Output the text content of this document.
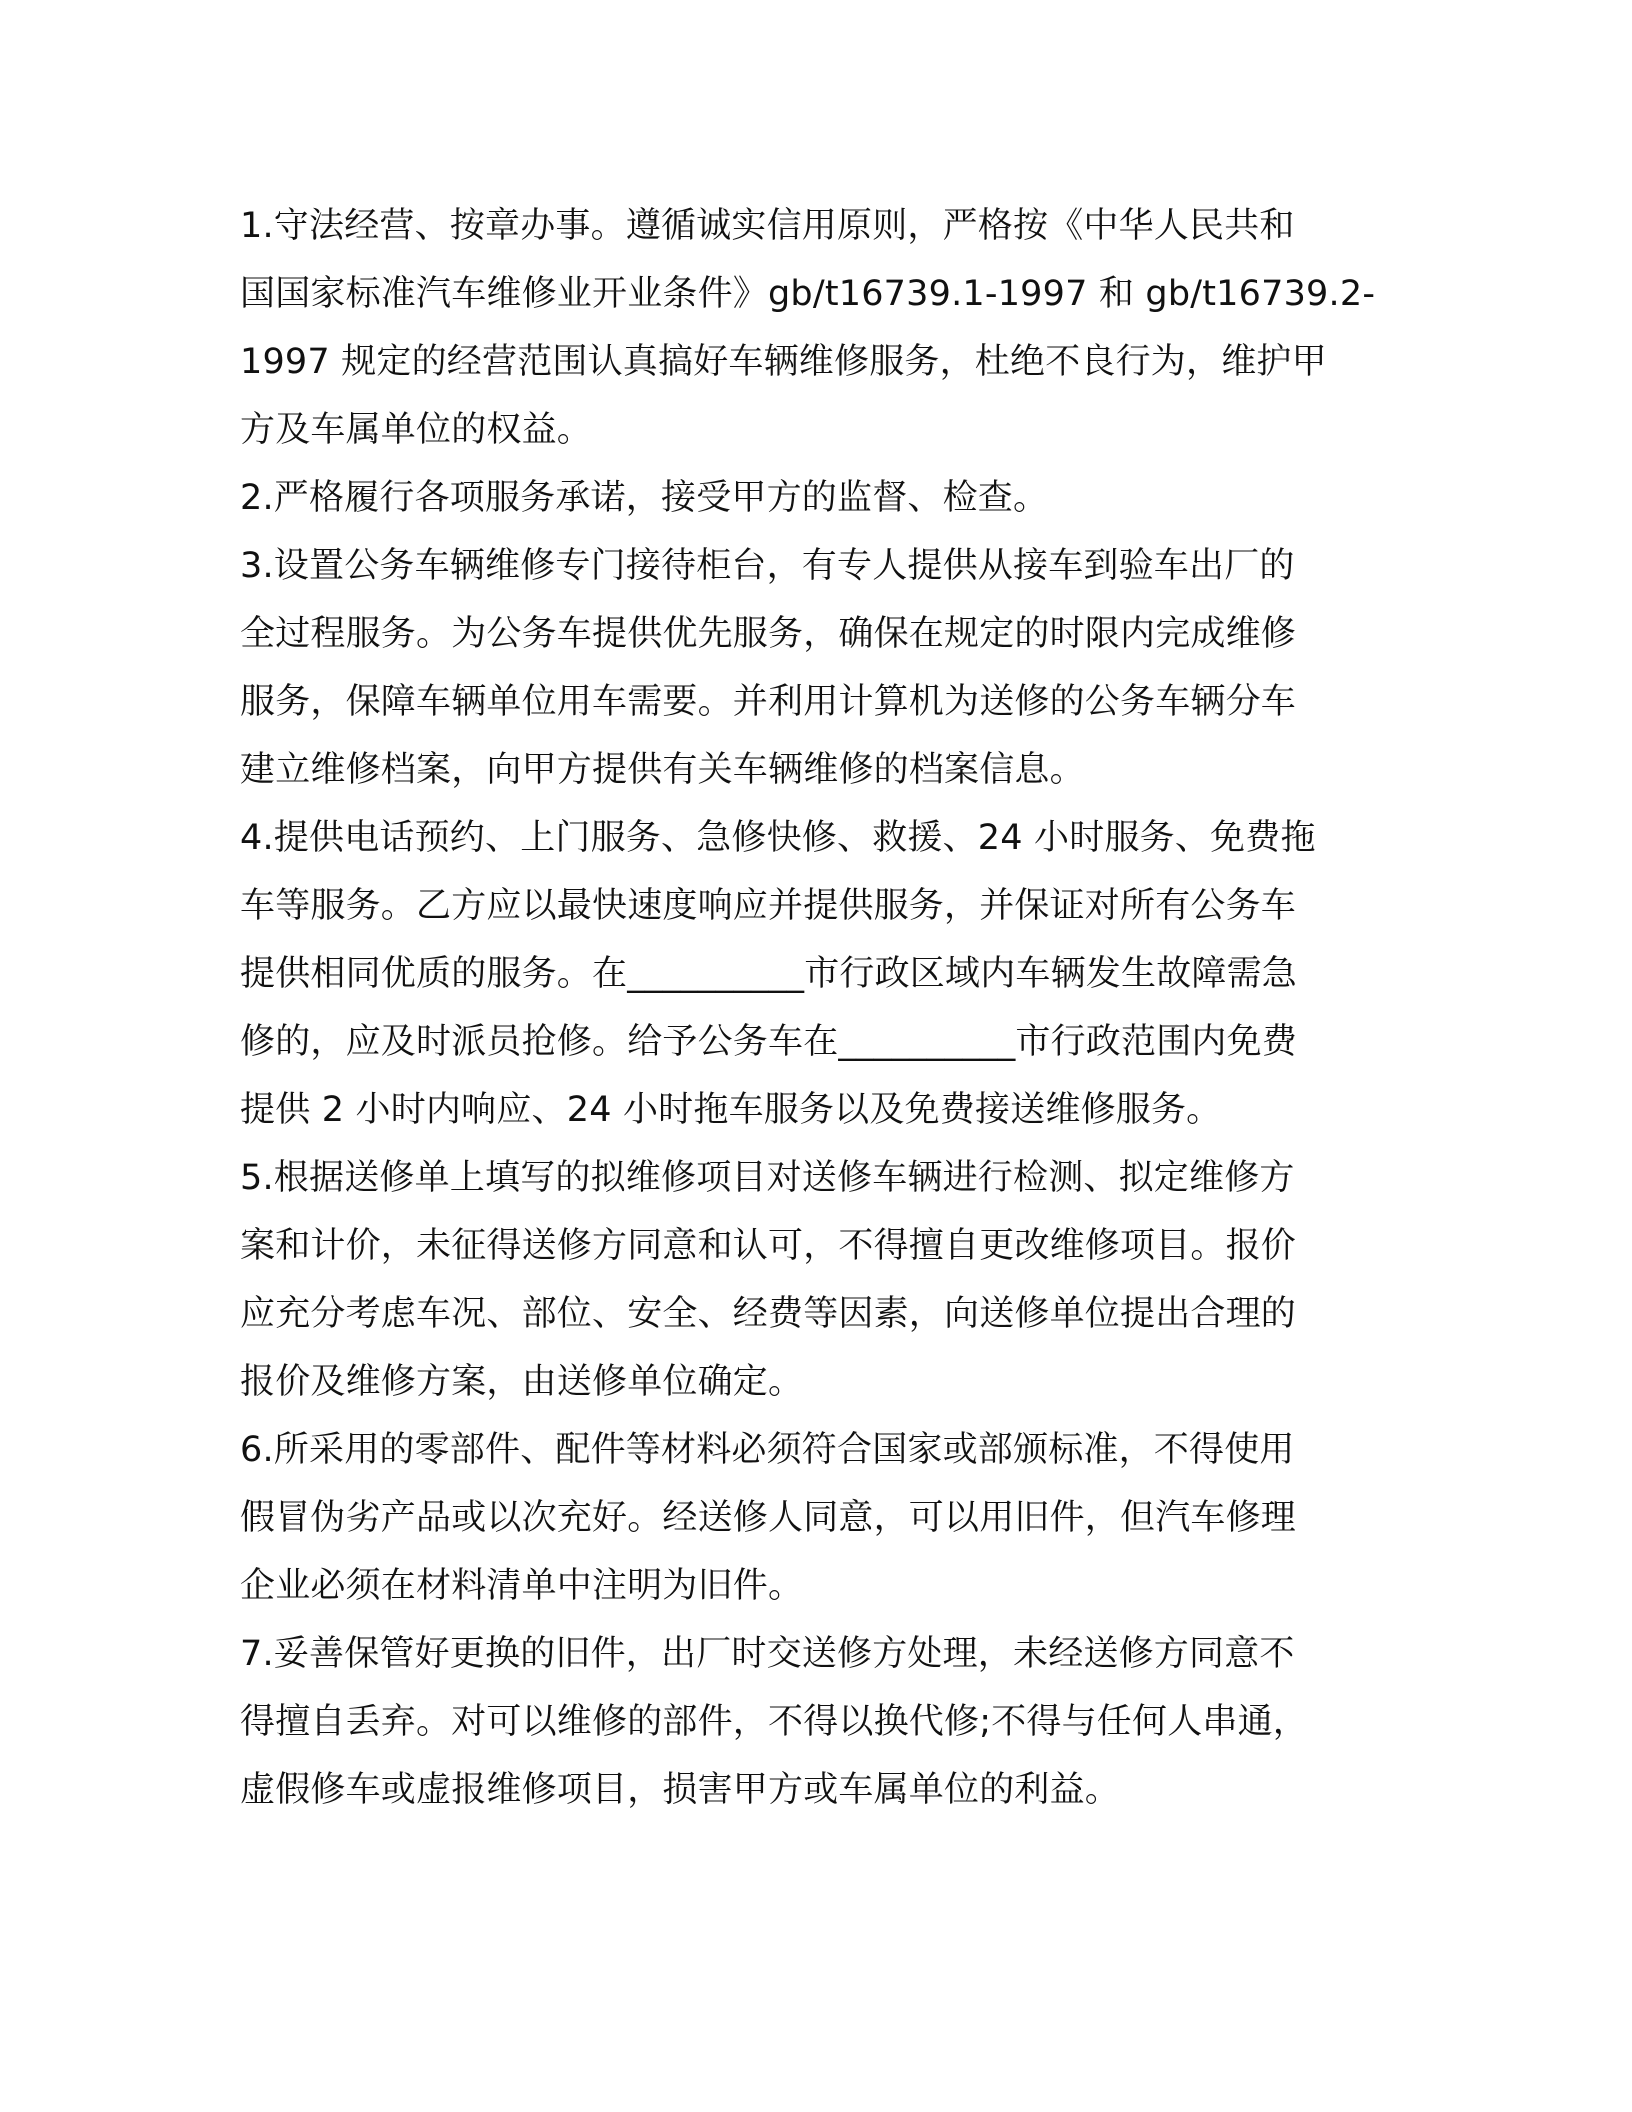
1.守法经营、按章办事。遵循诚实信用原则，严格按《中华人民共和
国国家标准汽车维修业开业条件》gb/t16739.1-1997 和 gb/t16739.2-
1997 规定的经营范围认真搞好车辆维修服务，杜绝不良行为，维护甲
方及车属单位的权益。
2.严格履行各项服务承诺，接受甲方的监督、检查。
3.设置公务车辆维修专门接待柜台，有专人提供从接车到验车出厂的
全过程服务。为公务车提供优先服务，确保在规定的时限内完成维修
服务，保障车辆单位用车需要。并利用计算机为送修的公务车辆分车
建立维修档案，向甲方提供有关车辆维修的档案信息。
4.提供电话预约、上门服务、急修快修、救援、24 小时服务、免费拖
车等服务。乙方应以最快速度响应并提供服务，并保证对所有公务车
提供相同优质的服务。在__________市行政区域内车辆发生故障需急
修的，应及时派员抢修。给予公务车在__________市行政范围内免费
提供 2 小时内响应、24 小时拖车服务以及免费接送维修服务。
5.根据送修单上填写的拟维修项目对送修车辆进行检测、拟定维修方
案和计价，未征得送修方同意和认可，不得擅自更改维修项目。报价
应充分考虑车况、部位、安全、经费等因素，向送修单位提出合理的
报价及维修方案，由送修单位确定。
6.所采用的零部件、配件等材料必须符合国家或部颁标准，不得使用
假冒伪劣产品或以次充好。经送修人同意，可以用旧件，但汽车修理
企业必须在材料清单中注明为旧件。
7.妥善保管好更换的旧件，出厂时交送修方处理，未经送修方同意不
得擅自丢弃。对可以维修的部件，不得以换代修;不得与任何人串通，
虚假修车或虚报维修项目，损害甲方或车属单位的利益。
